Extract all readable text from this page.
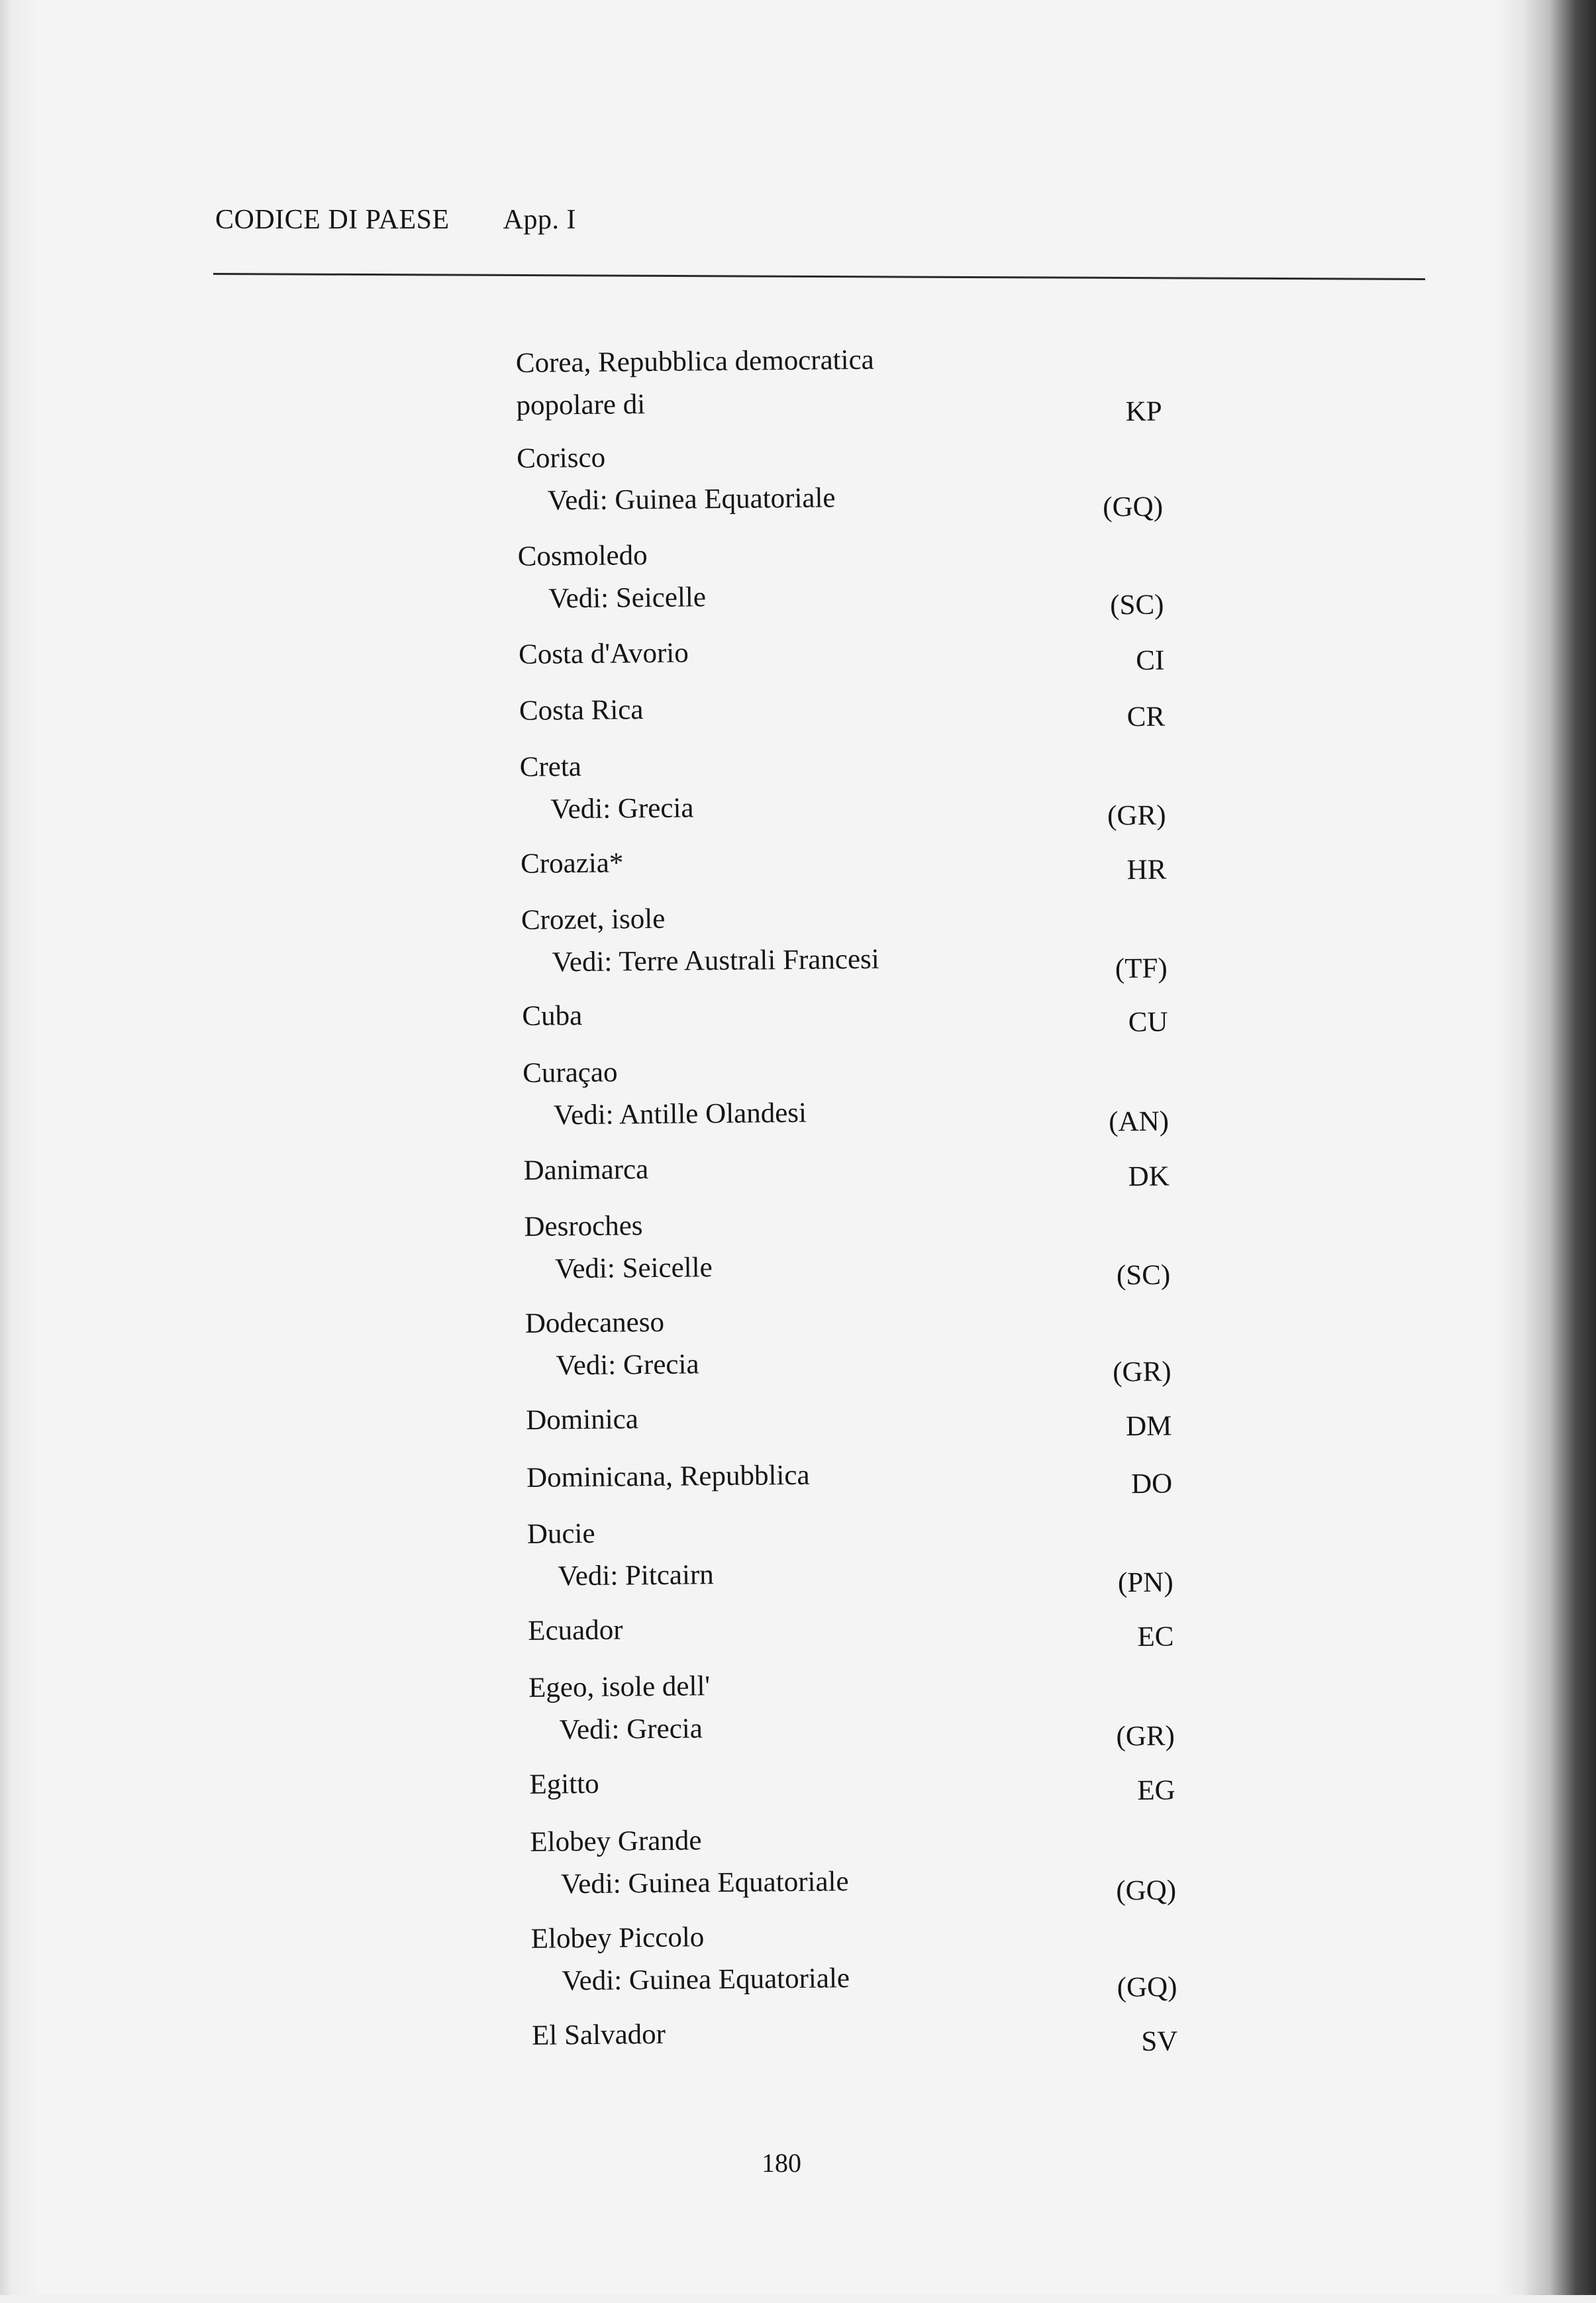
CODICE DI PAESE App. I
Corea, Repubblica democratica
popolare di	KP
Corisco
Vedi: Guinea Equatoriale	(GQ)
Cosmoledo
Vedi: Seicelle	(SC)
Costa d'Avorio	CI
Costa Rica	CR
Creta
Vedi: Grecia	(GR)
Croazia*	HR
Crozet, isole
Vedi: Terre Australi Francesi	(TF)
Cuba	CU
Curaçao
Vedi: Antille Olandesi	(AN)
Danimarca	DK
Desroches
Vedi: Seicelle	(SC)
Dodecaneso
Vedi: Grecia	(GR)
Dominica	DM
Dominicana, Repubblica	DO
Ducie
Vedi: Pitcairn	(PN)
Ecuador	EC
Egeo, isole dell'
Vedi: Grecia	(GR)
Egitto	EG
Elobey Grande
Vedi: Guinea Equatoriale	(GQ)
Elobey Piccolo
Vedi: Guinea Equatoriale	(GQ)
El Salvador	SV
180
